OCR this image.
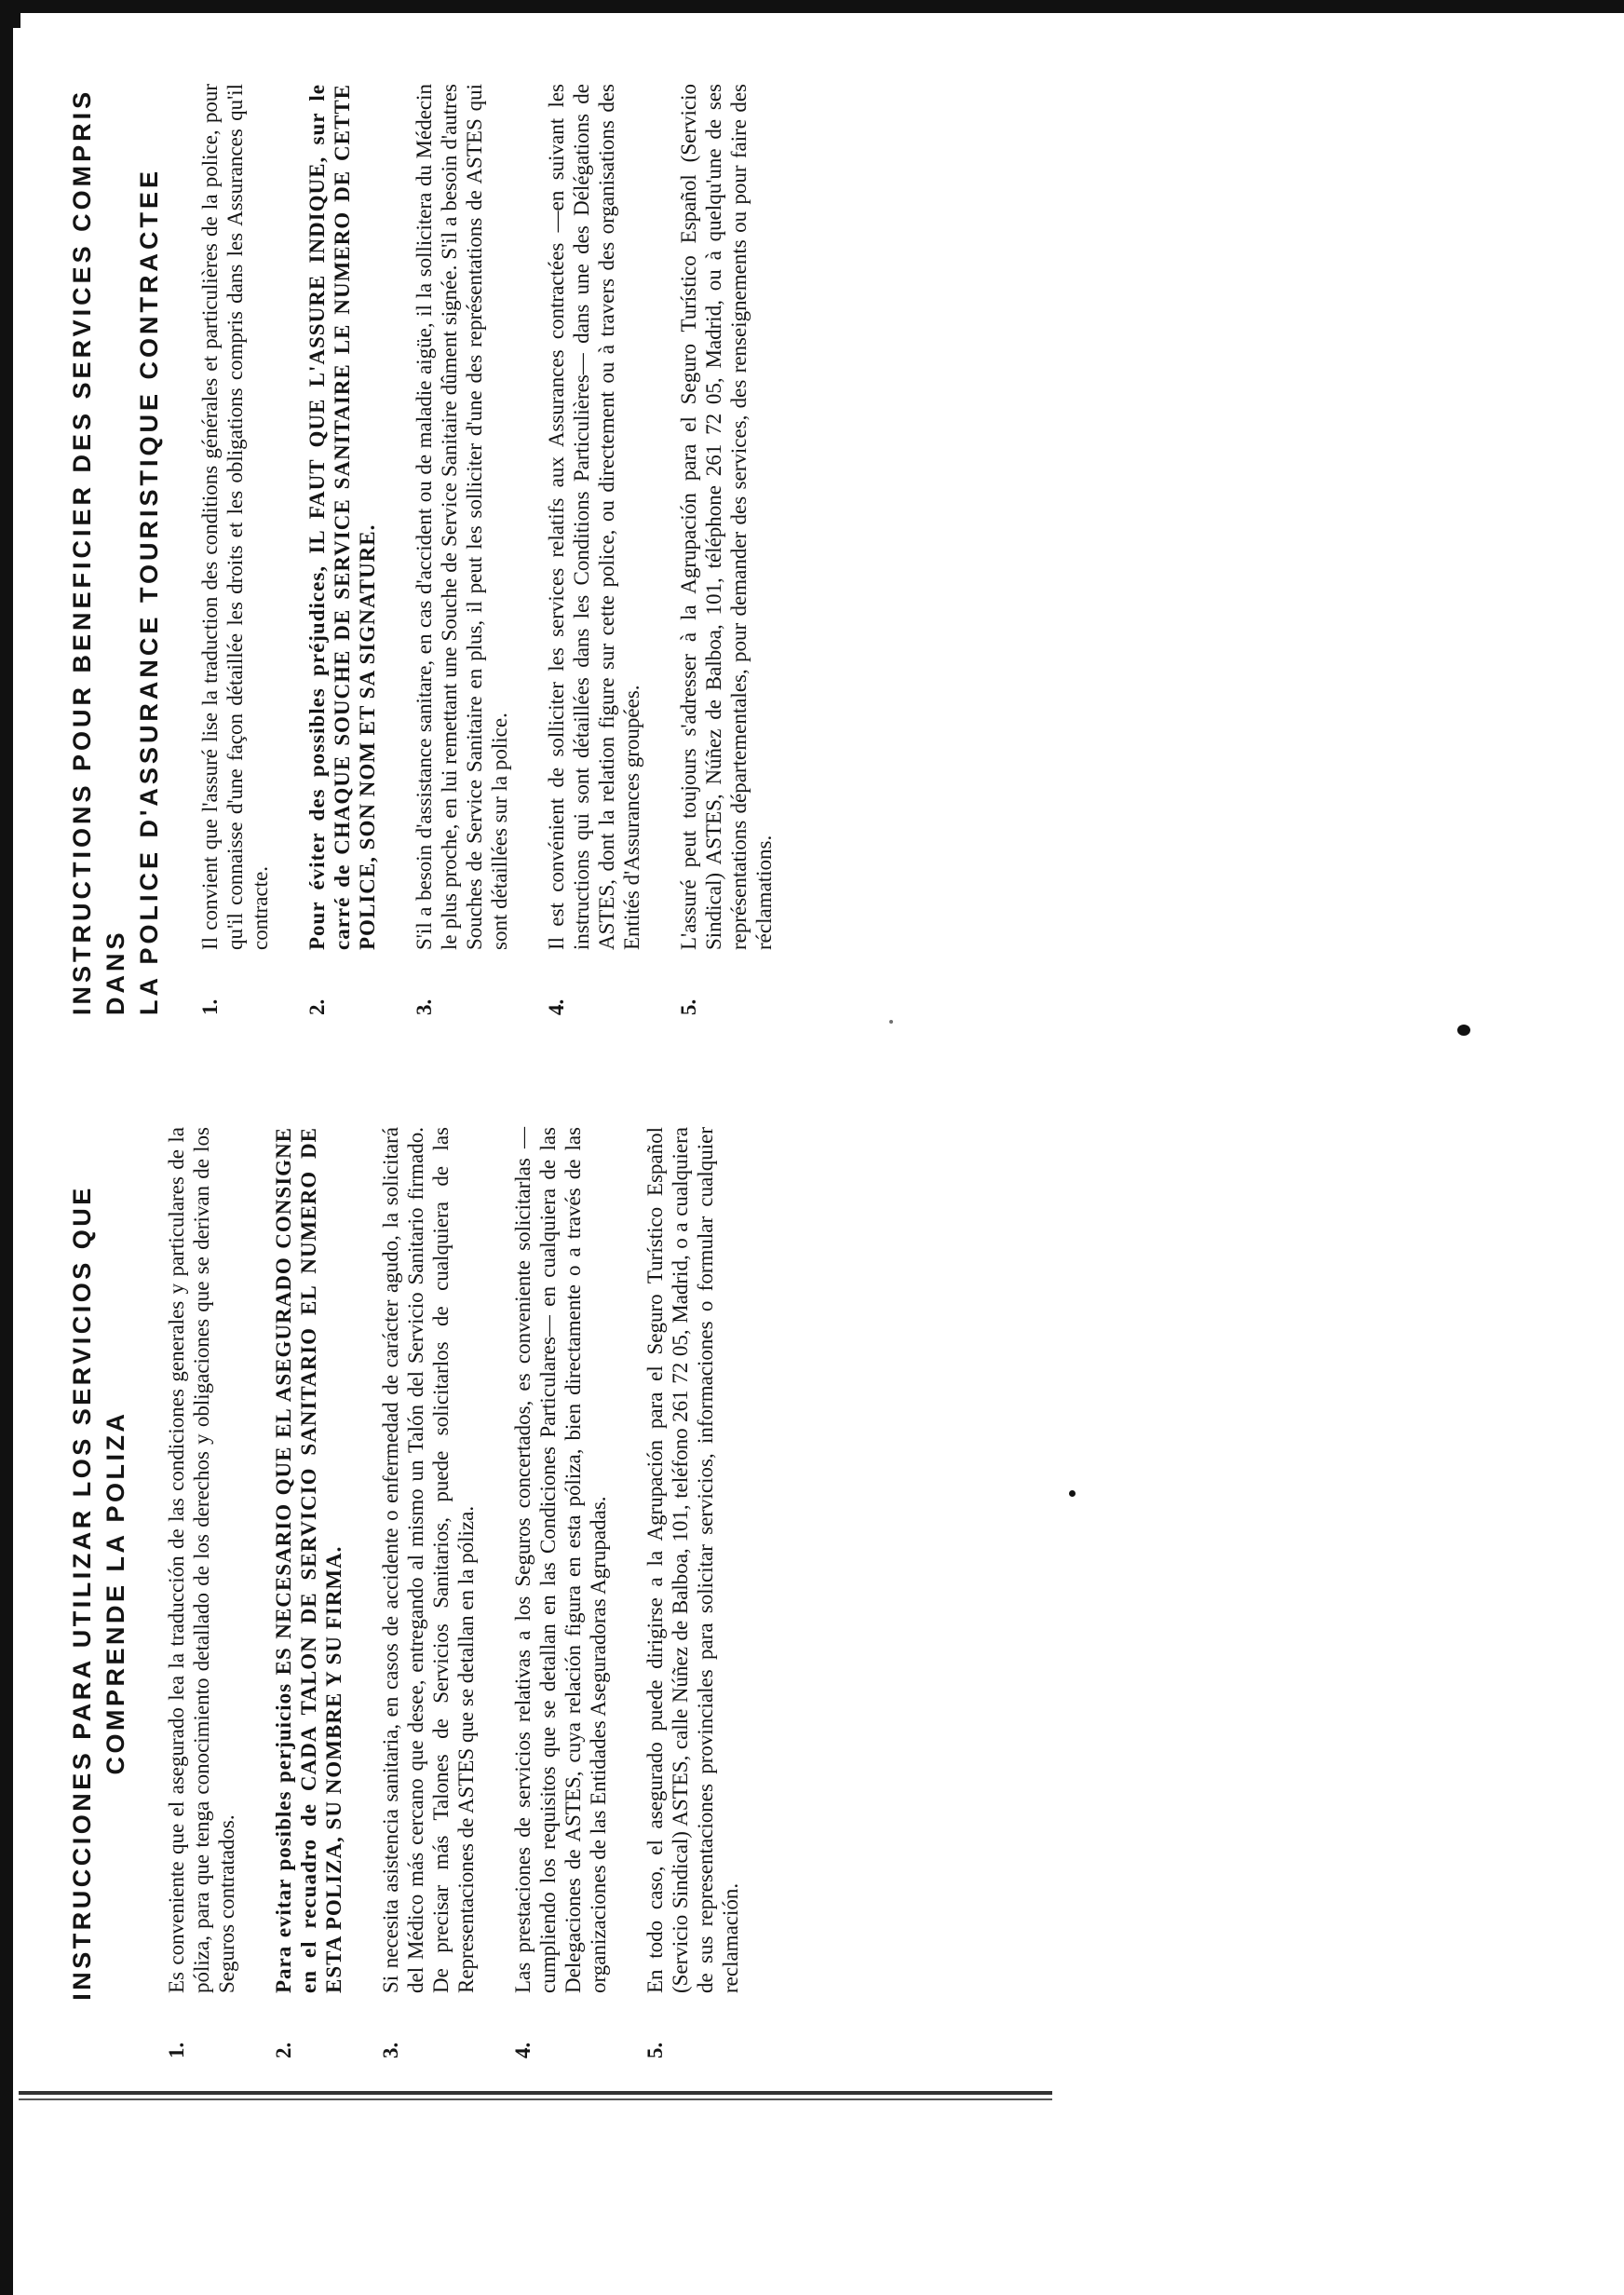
INSTRUCCIONES PARA UTILIZAR LOS SERVICIOS QUE COMPRENDE LA POLIZA
1.
Es conveniente que el asegurado lea la traducción de las condiciones generales y particulares de la póliza, para que tenga conocimiento detallado de los derechos y obligaciones que se derivan de los Seguros contratados.
2.
Para evitar posibles perjuicios ES NECESARIO QUE EL ASEGURADO CONSIGNE en el recuadro de CADA TALON DE SERVICIO SANITARIO EL NUMERO DE ESTA POLIZA, SU NOMBRE Y SU FIRMA.
3.
Si necesita asistencia sanitaria, en casos de accidente o enfermedad de carácter agudo, la solicitará del Médico más cercano que desee, entregando al mismo un Talón del Servicio Sanitario firmado. De precisar más Talones de Servicios Sanitarios, puede solicitarlos de cualquiera de las Representaciones de ASTES que se detallan en la póliza.
4.
Las prestaciones de servicios relativas a los Seguros concertados, es conveniente solicitarlas —cumpliendo los requisitos que se detallan en las Condiciones Particulares— en cualquiera de las Delegaciones de ASTES, cuya relación figura en esta póliza, bien directamente o a través de las organizaciones de las Entidades Aseguradoras Agrupadas.
5.
En todo caso, el asegurado puede dirigirse a la Agrupación para el Seguro Turístico Español (Servicio Sindical) ASTES, calle Núñez de Balboa, 101, teléfono 261 72 05, Madrid, o a cualquiera de sus representaciones provinciales para solicitar servicios, informaciones o formular cualquier reclamación.
INSTRUCTIONS POUR BENEFICIER DES SERVICES COMPRIS DANS LA POLICE D'ASSURANCE TOURISTIQUE CONTRACTEE 1.
Il convient que l'assuré lise la traduction des conditions générales et particulières de la police, pour qu'il connaisse d'une façon détaillée les droits et les obligations compris dans les Assurances qu'il contracte.
2.
Pour éviter des possibles préjudices, IL FAUT QUE L'ASSURE INDIQUE, sur le carré de CHAQUE SOUCHE DE SERVICE SANITAIRE LE NUMERO DE CETTE POLICE, SON NOM ET SA SIGNATURE.
3.
S'il a besoin d'assistance sanitare, en cas d'accident ou de maladie aigüe, il la sollicitera du Médecin le plus proche, en lui remettant une Souche de Service Sanitaire dûment signée. S'il a besoin d'autres Souches de Service Sanitaire en plus, il peut les solliciter d'une des représentations de ASTES qui sont détaillées sur la police.
4.
Il est convénient de solliciter les services relatifs aux Assurances contractées —en suivant les instructions qui sont détaillées dans les Conditions Particulières— dans une des Délégations de ASTES, dont la relation figure sur cette police, ou directement ou à travers des organisations des Entités d'Assurances groupées.
5.
L'assuré peut toujours s'adresser à la Agrupación para el Seguro Turístico Español (Servicio Sindical) ASTES, Núñez de Balboa, 101, téléphone 261 72 05, Madrid, ou à quelqu'une de ses représentations départementales, pour demander des services, des renseignements ou pour faire des réclamations.
